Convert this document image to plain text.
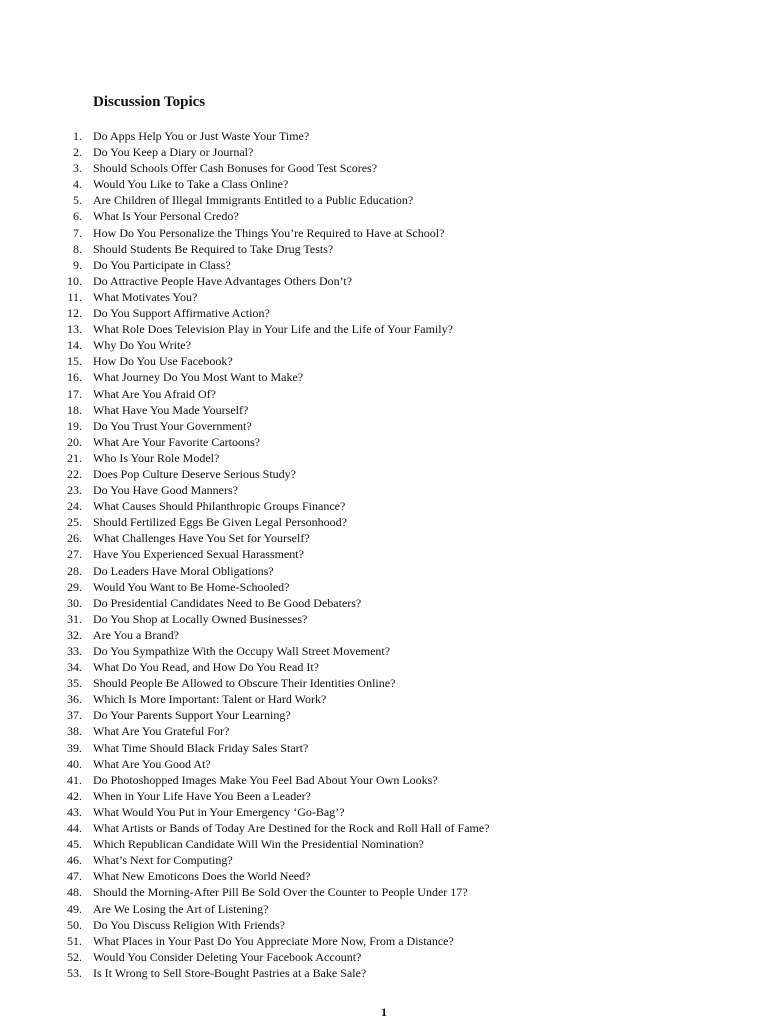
Discussion Topics
1. Do Apps Help You or Just Waste Your Time?
2. Do You Keep a Diary or Journal?
3. Should Schools Offer Cash Bonuses for Good Test Scores?
4. Would You Like to Take a Class Online?
5. Are Children of Illegal Immigrants Entitled to a Public Education?
6. What Is Your Personal Credo?
7. How Do You Personalize the Things You’re Required to Have at School?
8. Should Students Be Required to Take Drug Tests?
9. Do You Participate in Class?
10. Do Attractive People Have Advantages Others Don’t?
11. What Motivates You?
12. Do You Support Affirmative Action?
13. What Role Does Television Play in Your Life and the Life of Your Family?
14. Why Do You Write?
15. How Do You Use Facebook?
16. What Journey Do You Most Want to Make?
17. What Are You Afraid Of?
18. What Have You Made Yourself?
19. Do You Trust Your Government?
20. What Are Your Favorite Cartoons?
21. Who Is Your Role Model?
22. Does Pop Culture Deserve Serious Study?
23. Do You Have Good Manners?
24. What Causes Should Philanthropic Groups Finance?
25. Should Fertilized Eggs Be Given Legal Personhood?
26. What Challenges Have You Set for Yourself?
27. Have You Experienced Sexual Harassment?
28. Do Leaders Have Moral Obligations?
29. Would You Want to Be Home-Schooled?
30. Do Presidential Candidates Need to Be Good Debaters?
31. Do You Shop at Locally Owned Businesses?
32. Are You a Brand?
33. Do You Sympathize With the Occupy Wall Street Movement?
34. What Do You Read, and How Do You Read It?
35. Should People Be Allowed to Obscure Their Identities Online?
36. Which Is More Important: Talent or Hard Work?
37. Do Your Parents Support Your Learning?
38. What Are You Grateful For?
39. What Time Should Black Friday Sales Start?
40. What Are You Good At?
41. Do Photoshopped Images Make You Feel Bad About Your Own Looks?
42. When in Your Life Have You Been a Leader?
43. What Would You Put in Your Emergency ‘Go-Bag’?
44. What Artists or Bands of Today Are Destined for the Rock and Roll Hall of Fame?
45. Which Republican Candidate Will Win the Presidential Nomination?
46. What’s Next for Computing?
47. What New Emoticons Does the World Need?
48. Should the Morning-After Pill Be Sold Over the Counter to People Under 17?
49. Are We Losing the Art of Listening?
50. Do You Discuss Religion With Friends?
51. What Places in Your Past Do You Appreciate More Now, From a Distance?
52. Would You Consider Deleting Your Facebook Account?
53. Is It Wrong to Sell Store-Bought Pastries at a Bake Sale?
1
